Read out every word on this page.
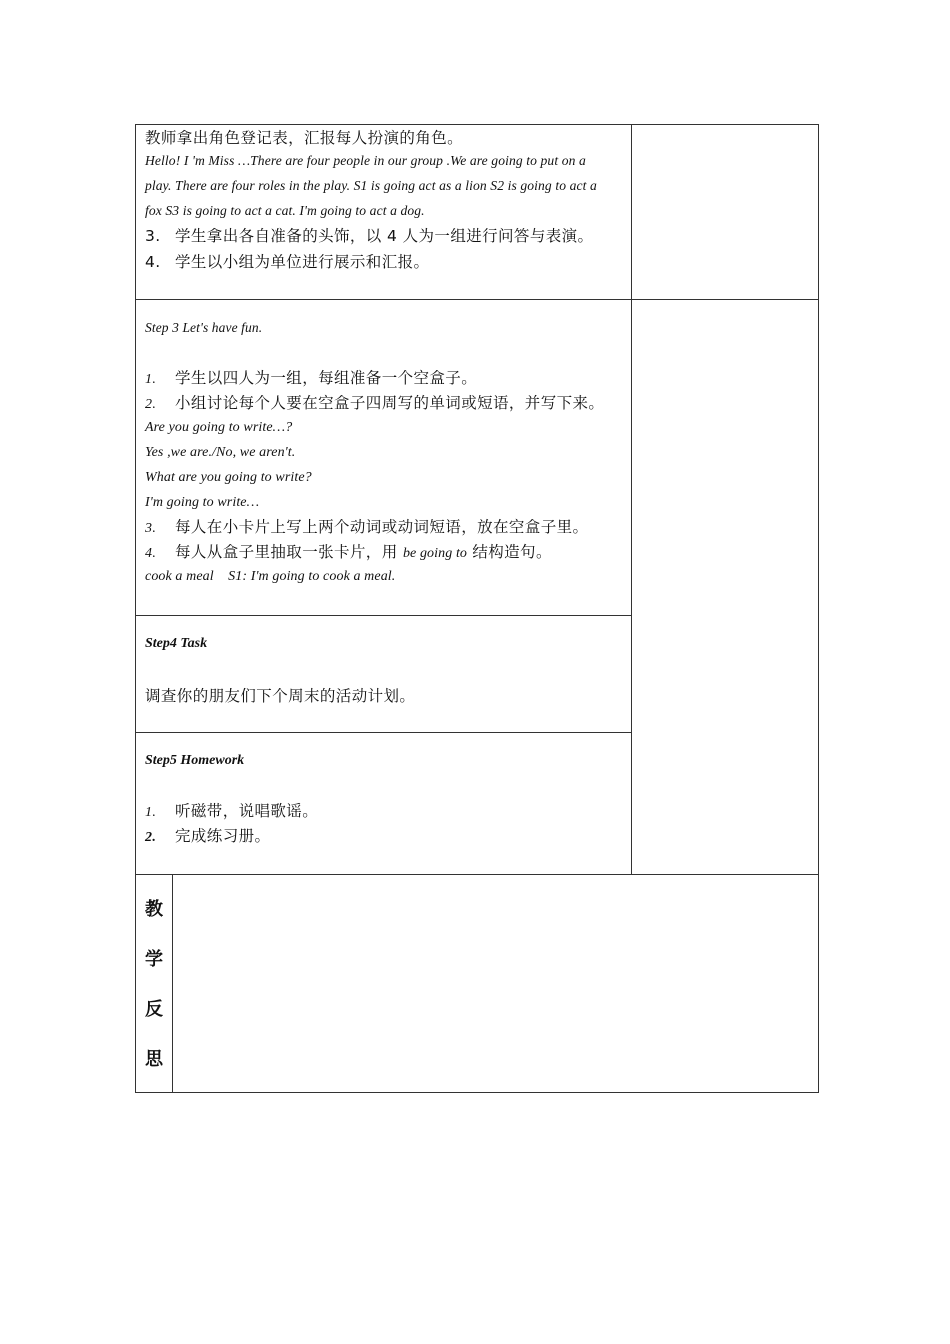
教师拿出角色登记表，汇报每人扮演的角色。
Hello! I 'm Miss …There are four people in our group .We are going to put on a
play. There are four roles in the play. S1 is going act as a lion S2 is going to act a
fox S3 is going to act a cat. I'm going to act a dog.
3. 学生拿出各自准备的头饰，以 4 人为一组进行问答与表演。
4. 学生以小组为单位进行展示和汇报。
Step 3 Let's have fun.
1. 学生以四人为一组，每组准备一个空盒子。
2. 小组讨论每个人要在空盒子四周写的单词或短语，并写下来。
Are you going to write…?
Yes ,we are./No, we aren't.
What are you going to write?
I'm going to write…
3. 每人在小卡片上写上两个动词或动词短语，放在空盒子里。
4. 每人从盒子里抽取一张卡片，用 be going to 结构造句。
cook a meal    S1: I'm going to cook a meal.
Step4 Task
调查你的朋友们下个周末的活动计划。
Step5 Homework
1. 听磁带，说唱歌谣。
2. 完成练习册。
教
学
反
思
